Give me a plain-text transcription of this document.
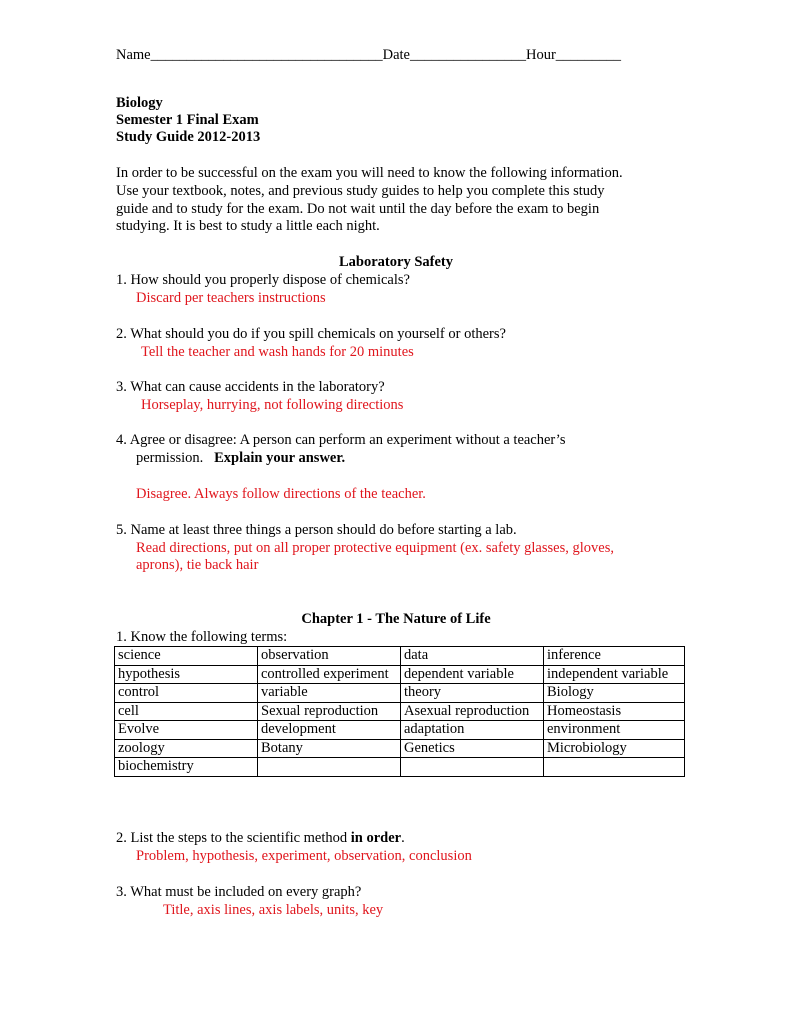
Name________________________________Date________________Hour_________
Biology
Semester 1 Final Exam
Study Guide 2012-2013
In order to be successful on the exam you will need to know the following information.
Use your textbook, notes, and previous study guides to help you complete this study
guide and to study for the exam. Do not wait until the day before the exam to begin
studying. It is best to study a little each night.
Laboratory Safety
1. How should you properly dispose of chemicals?
Discard per teachers instructions
2. What should you do if you spill chemicals on yourself or others?
Tell the teacher and wash hands for 20 minutes
3. What can cause accidents in the laboratory?
Horseplay, hurrying, not following directions
4. Agree or disagree: A person can perform an experiment without a teacher’s
permission. Explain your answer.
Disagree. Always follow directions of the teacher.
5. Name at least three things a person should do before starting a lab.
Read directions, put on all proper protective equipment (ex. safety glasses, gloves,
aprons), tie back hair
Chapter 1 - The Nature of Life
1. Know the following terms:
science	observation	data	inference
hypothesis	controlled experiment	dependent variable	independent variable
control	variable	theory	Biology
cell	Sexual reproduction	Asexual reproduction	Homeostasis
Evolve	development	adaptation	environment
zoology	Botany	Genetics	Microbiology
biochemistry			
2. List the steps to the scientific method in order.
Problem, hypothesis, experiment, observation, conclusion
3. What must be included on every graph?
Title, axis lines, axis labels, units, key
